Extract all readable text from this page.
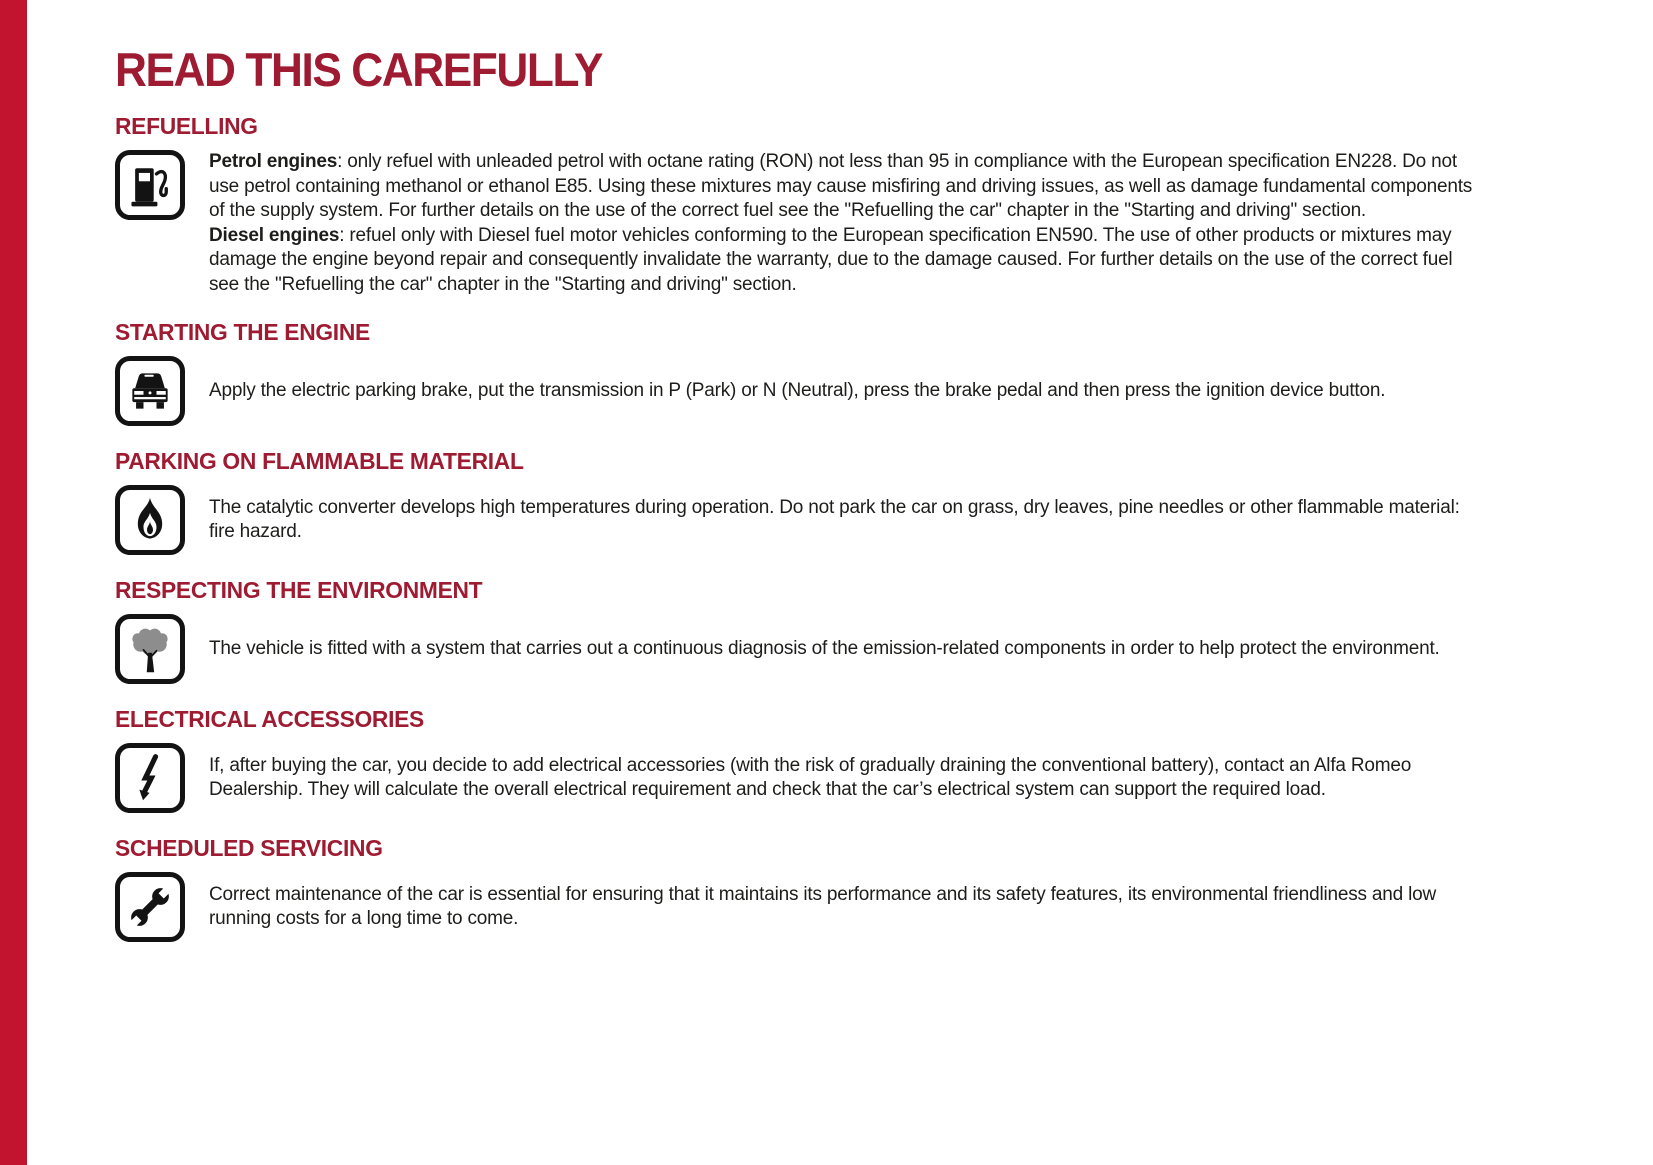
READ THIS CAREFULLY
REFUELLING

Petrol engines: only refuel with unleaded petrol with octane rating (RON) not less than 95 in compliance with the European specification EN228. Do not use petrol containing methanol or ethanol E85. Using these mixtures may cause misfiring and driving issues, as well as damage fundamental components of the supply system. For further details on the use of the correct fuel see the "Refuelling the car" chapter in the "Starting and driving" section.

Diesel engines: refuel only with Diesel fuel motor vehicles conforming to the European specification EN590. The use of other products or mixtures may damage the engine beyond repair and consequently invalidate the warranty, due to the damage caused. For further details on the use of the correct fuel see the "Refuelling the car" chapter in the "Starting and driving" section.

STARTING THE ENGINE

Apply the electric parking brake, put the transmission in P (Park) or N (Neutral), press the brake pedal and then press the ignition device button.

PARKING ON FLAMMABLE MATERIAL

The catalytic converter develops high temperatures during operation. Do not park the car on grass, dry leaves, pine needles or other flammable material: fire hazard.

RESPECTING THE ENVIRONMENT

The vehicle is fitted with a system that carries out a continuous diagnosis of the emission-related components in order to help protect the environment.

ELECTRICAL ACCESSORIES

If, after buying the car, you decide to add electrical accessories (with the risk of gradually draining the conventional battery), contact an Alfa Romeo Dealership. They will calculate the overall electrical requirement and check that the car’s electrical system can support the required load.

SCHEDULED SERVICING

Correct maintenance of the car is essential for ensuring that it maintains its performance and its safety features, its environmental friendliness and low running costs for a long time to come.
